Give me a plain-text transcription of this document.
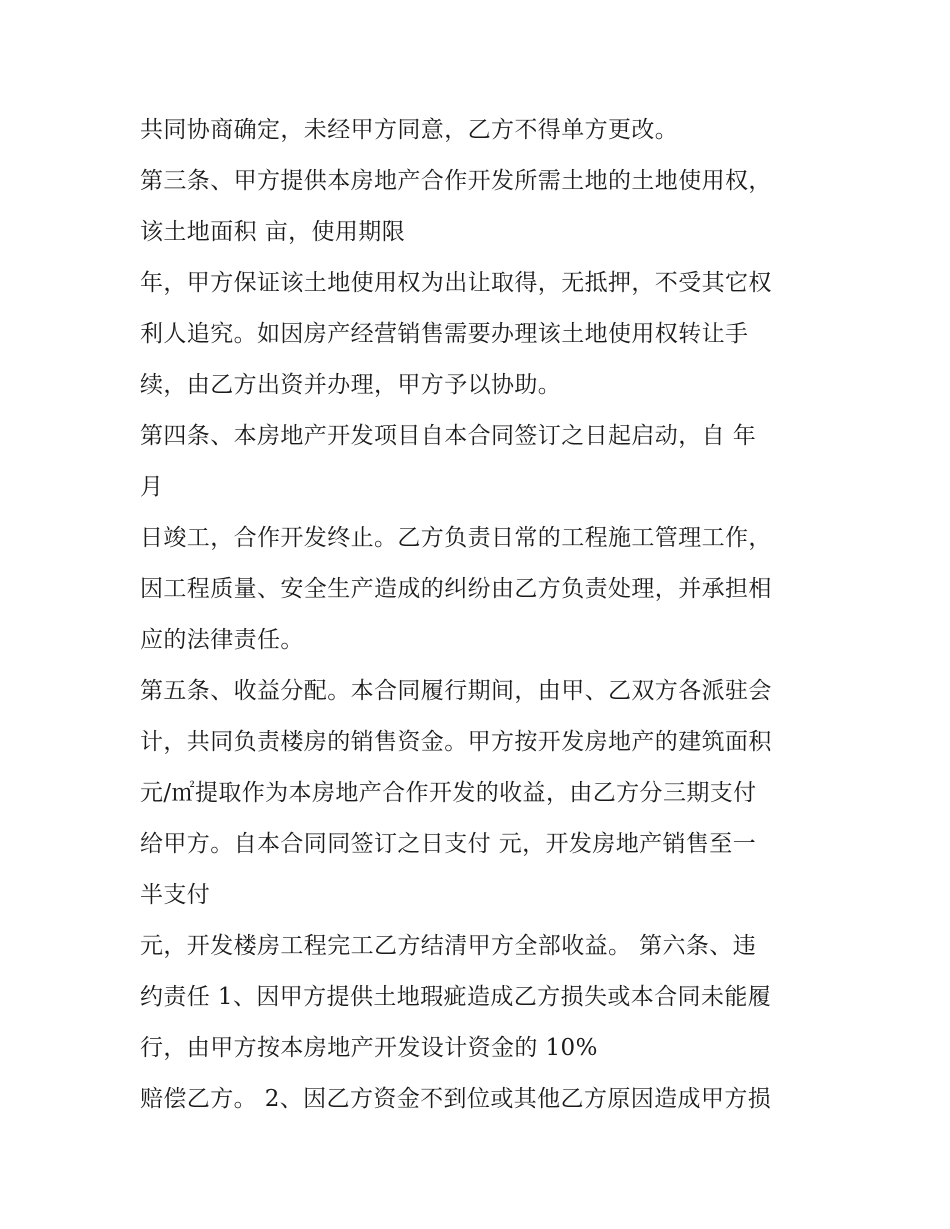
共同协商确定，未经甲方同意，乙方不得单方更改。
第三条、甲方提供本房地产合作开发所需土地的土地使用权，
该土地面积 亩，使用期限
年，甲方保证该土地使用权为出让取得，无抵押，不受其它权
利人追究。如因房产经营销售需要办理该土地使用权转让手
续，由乙方出资并办理，甲方予以协助。
第四条、本房地产开发项目自本合同签订之日起启动，自 年
月
日竣工，合作开发终止。乙方负责日常的工程施工管理工作，
因工程质量、安全生产造成的纠纷由乙方负责处理，并承担相
应的法律责任。
第五条、收益分配。本合同履行期间，由甲、乙双方各派驻会
计，共同负责楼房的销售资金。甲方按开发房地产的建筑面积
元/㎡提取作为本房地产合作开发的收益，由乙方分三期支付
给甲方。自本合同同签订之日支付 元，开发房地产销售至一
半支付
元，开发楼房工程完工乙方结清甲方全部收益。 第六条、违
约责任 1、因甲方提供土地瑕疵造成乙方损失或本合同未能履
行，由甲方按本房地产开发设计资金的 10%
赔偿乙方。 2、因乙方资金不到位或其他乙方原因造成甲方损
